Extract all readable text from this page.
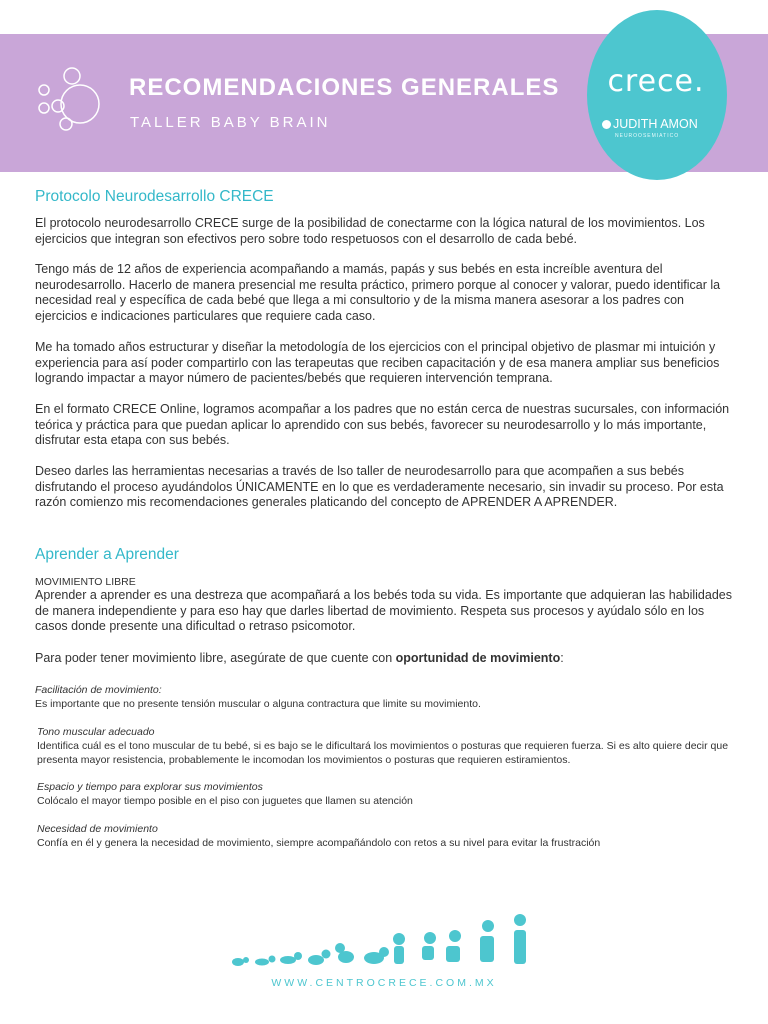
RECOMENDACIONES GENERALES
TALLER BABY BRAIN
crece.
JUDITH AMON
NEUROOSEMIATICO
Protocolo Neurodesarrollo CRECE

El protocolo neurodesarrollo CRECE surge de la posibilidad de conectarme con la lógica natural de los movimientos. Los ejercicios que integran son efectivos pero sobre todo respetuosos con el desarrollo de cada bebé.

Tengo más de 12 años de experiencia acompañando a mamás, papás y sus bebés en esta increíble aventura del neurodesarrollo. Hacerlo de manera presencial me resulta práctico, primero porque al conocer y valorar, puedo identificar la necesidad real y específica de cada bebé que llega a mi consultorio y de la misma manera asesorar a los padres con ejercicios e indicaciones particulares que requiere cada caso.

Me ha tomado años estructurar y diseñar la metodología de los ejercicios con el principal objetivo de plasmar mi intuición y experiencia para así poder compartirlo con las terapeutas que reciben capacitación y de esa manera ampliar sus beneficios logrando impactar a mayor número de pacientes/bebés que requieren intervención temprana.

En el formato CRECE Online, logramos acompañar a los padres que no están cerca de nuestras sucursales, con información teórica y práctica para que puedan aplicar lo aprendido con sus bebés, favorecer su neurodesarrollo y lo más importante, disfrutar esta etapa con sus bebés.

Deseo darles las herramientas necesarias a través de lso taller de neurodesarrollo para que acompañen a sus bebés disfrutando el proceso ayudándolos ÚNICAMENTE en lo que es verdaderamente necesario, sin invadir su proceso. Por esta razón comienzo mis recomendaciones generales platicando del concepto de APRENDER A APRENDER.

Aprender a Aprender
MOVIMIENTO LIBRE

Aprender a aprender es una destreza que acompañará a los bebés toda su vida. Es importante que adquieran las habilidades de manera independiente y para eso hay que darles libertad de movimiento. Respeta sus procesos y ayúdalo sólo en los casos donde presente una dificultad o retraso psicomotor.

Para poder tener movimiento libre, asegúrate de que cuente con oportunidad de movimiento:

Facilitación de movimiento:
Es importante que no presente tensión muscular o alguna contractura que limite su movimiento.
Tono muscular adecuado
Identifica cuál es el tono muscular de tu bebé, si es bajo se le dificultará los movimientos o posturas que requieren fuerza. Si es alto quiere decir que presenta mayor resistencia, probablemente le incomodan los movimientos o posturas que requieren estiramientos.
Espacio y tiempo para explorar sus movimientos
Colócalo el mayor tiempo posible en el piso con juguetes que llamen su atención
Necesidad de movimiento
Confía en él y genera la necesidad de movimiento, siempre acompañándolo con retos a su nivel para evitar la frustración
WWW.CENTROCRECE.COM.MX
